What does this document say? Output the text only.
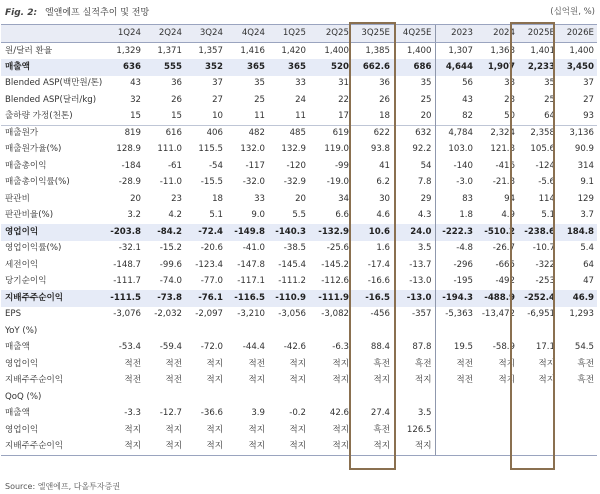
Fig. 2: 엘앤에프 실적추이 및 전망	(십억원, %)
	1Q24	2Q24	3Q24	4Q24	1Q25	2Q25	3Q25E	4Q25E	2023	2024	2025E	2026E
원/달러 환율	1,329	1,371	1,357	1,416	1,420	1,400	1,385	1,400	1,307	1,368	1,401	1,400
매출액	636	555	352	365	365	520	662.6	686	4,644	1,907	2,233	3,450
Blended ASP(백만원/톤)	43	36	37	35	33	31	36	35	56	38	35	37
Blended ASP(달러/kg)	32	26	27	25	24	22	26	25	43	28	25	27
출하량 가정(천톤)	15	15	10	11	11	17	18	20	82	50	64	93
매출원가	819	616	406	482	485	619	622	632	4,784	2,324	2,358	3,136
매출원가율(%)	128.9	111.0	115.5	132.0	132.9	119.0	93.8	92.2	103.0	121.8	105.6	90.9
매출총이익	-184	-61	-54	-117	-120	-99	41	54	-140	-416	-124	314
매출총이익률(%)	-28.9	-11.0	-15.5	-32.0	-32.9	-19.0	6.2	7.8	-3.0	-21.8	-5.6	9.1
판관비	20	23	18	33	20	34	30	29	83	94	114	129
판관비율(%)	3.2	4.2	5.1	9.0	5.5	6.6	4.6	4.3	1.8	4.9	5.1	3.7
영업이익	-203.8	-84.2	-72.4	-149.8	-140.3	-132.9	10.6	24.0	-222.3	-510.2	-238.6	184.8
영업이익률(%)	-32.1	-15.2	-20.6	-41.0	-38.5	-25.6	1.6	3.5	-4.8	-26.7	-10.7	5.4
세전이익	-148.7	-99.6	-123.4	-147.8	-145.4	-145.2	-17.4	-13.7	-296	-665	-322	64
당기순이익	-111.7	-74.0	-77.0	-117.1	-111.2	-112.6	-16.6	-13.0	-195	-492	-253	47
지배주주순이익	-111.5	-73.8	-76.1	-116.5	-110.9	-111.9	-16.5	-13.0	-194.3	-488.9	-252.4	46.9
EPS	-3,076	-2,032	-2,097	-3,210	-3,056	-3,082	-456	-357	-5,363	-13,472	-6,951	1,293
YoY (%)												
매출액	-53.4	-59.4	-72.0	-44.4	-42.6	-6.3	88.4	87.8	19.5	-58.9	17.1	54.5
영업이익	적전	적전	적지	적전	적지	적지	흑전	흑전	적전	적지	적지	흑전
지배주주순이익	적전	적전	적지	적지	적지	적지	적지	적지	적전	적지	적지	흑전
QoQ (%)												
매출액	-3.3	-12.7	-36.6	3.9	-0.2	42.6	27.4	3.5				
영업이익	적지	적지	적지	적지	적지	적지	흑전	126.5				
지배주주순이익	적지	적지	적지	적지	적지	적지	적지	적지				
Source: 엘앤에프, 다올투자증권
